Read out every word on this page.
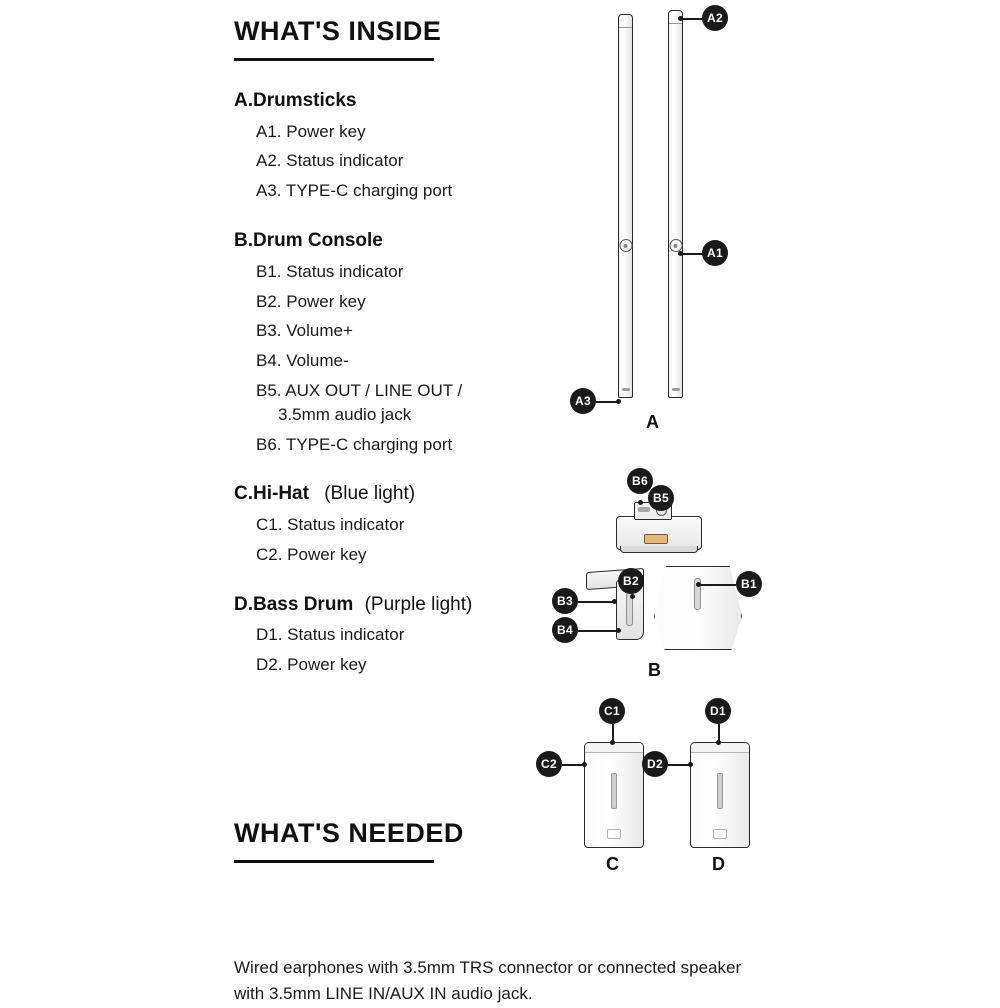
WHAT'S INSIDE
A.Drumsticks

A1. Power key

A2. Status indicator

A3. TYPE-C charging port

B.Drum Console

B1. Status indicator

B2. Power key

B3. Volume+

B4. Volume-

B5. AUX OUT / LINE OUT /
3.5mm audio jack

B6. TYPE-C charging port

C.Hi-Hat (Blue light)

C1. Status indicator

C2. Power key

D.Bass Drum (Purple light)

D1. Status indicator

D2. Power key

WHAT'S NEEDED

Wired earphones with 3.5mm TRS connector or connected speaker with 3.5mm LINE IN/AUX IN audio jack.

A2
A1
A3
A
B6
B5
B3
B4
B2	B1
B
C1
C2
C
D1
D2
D
